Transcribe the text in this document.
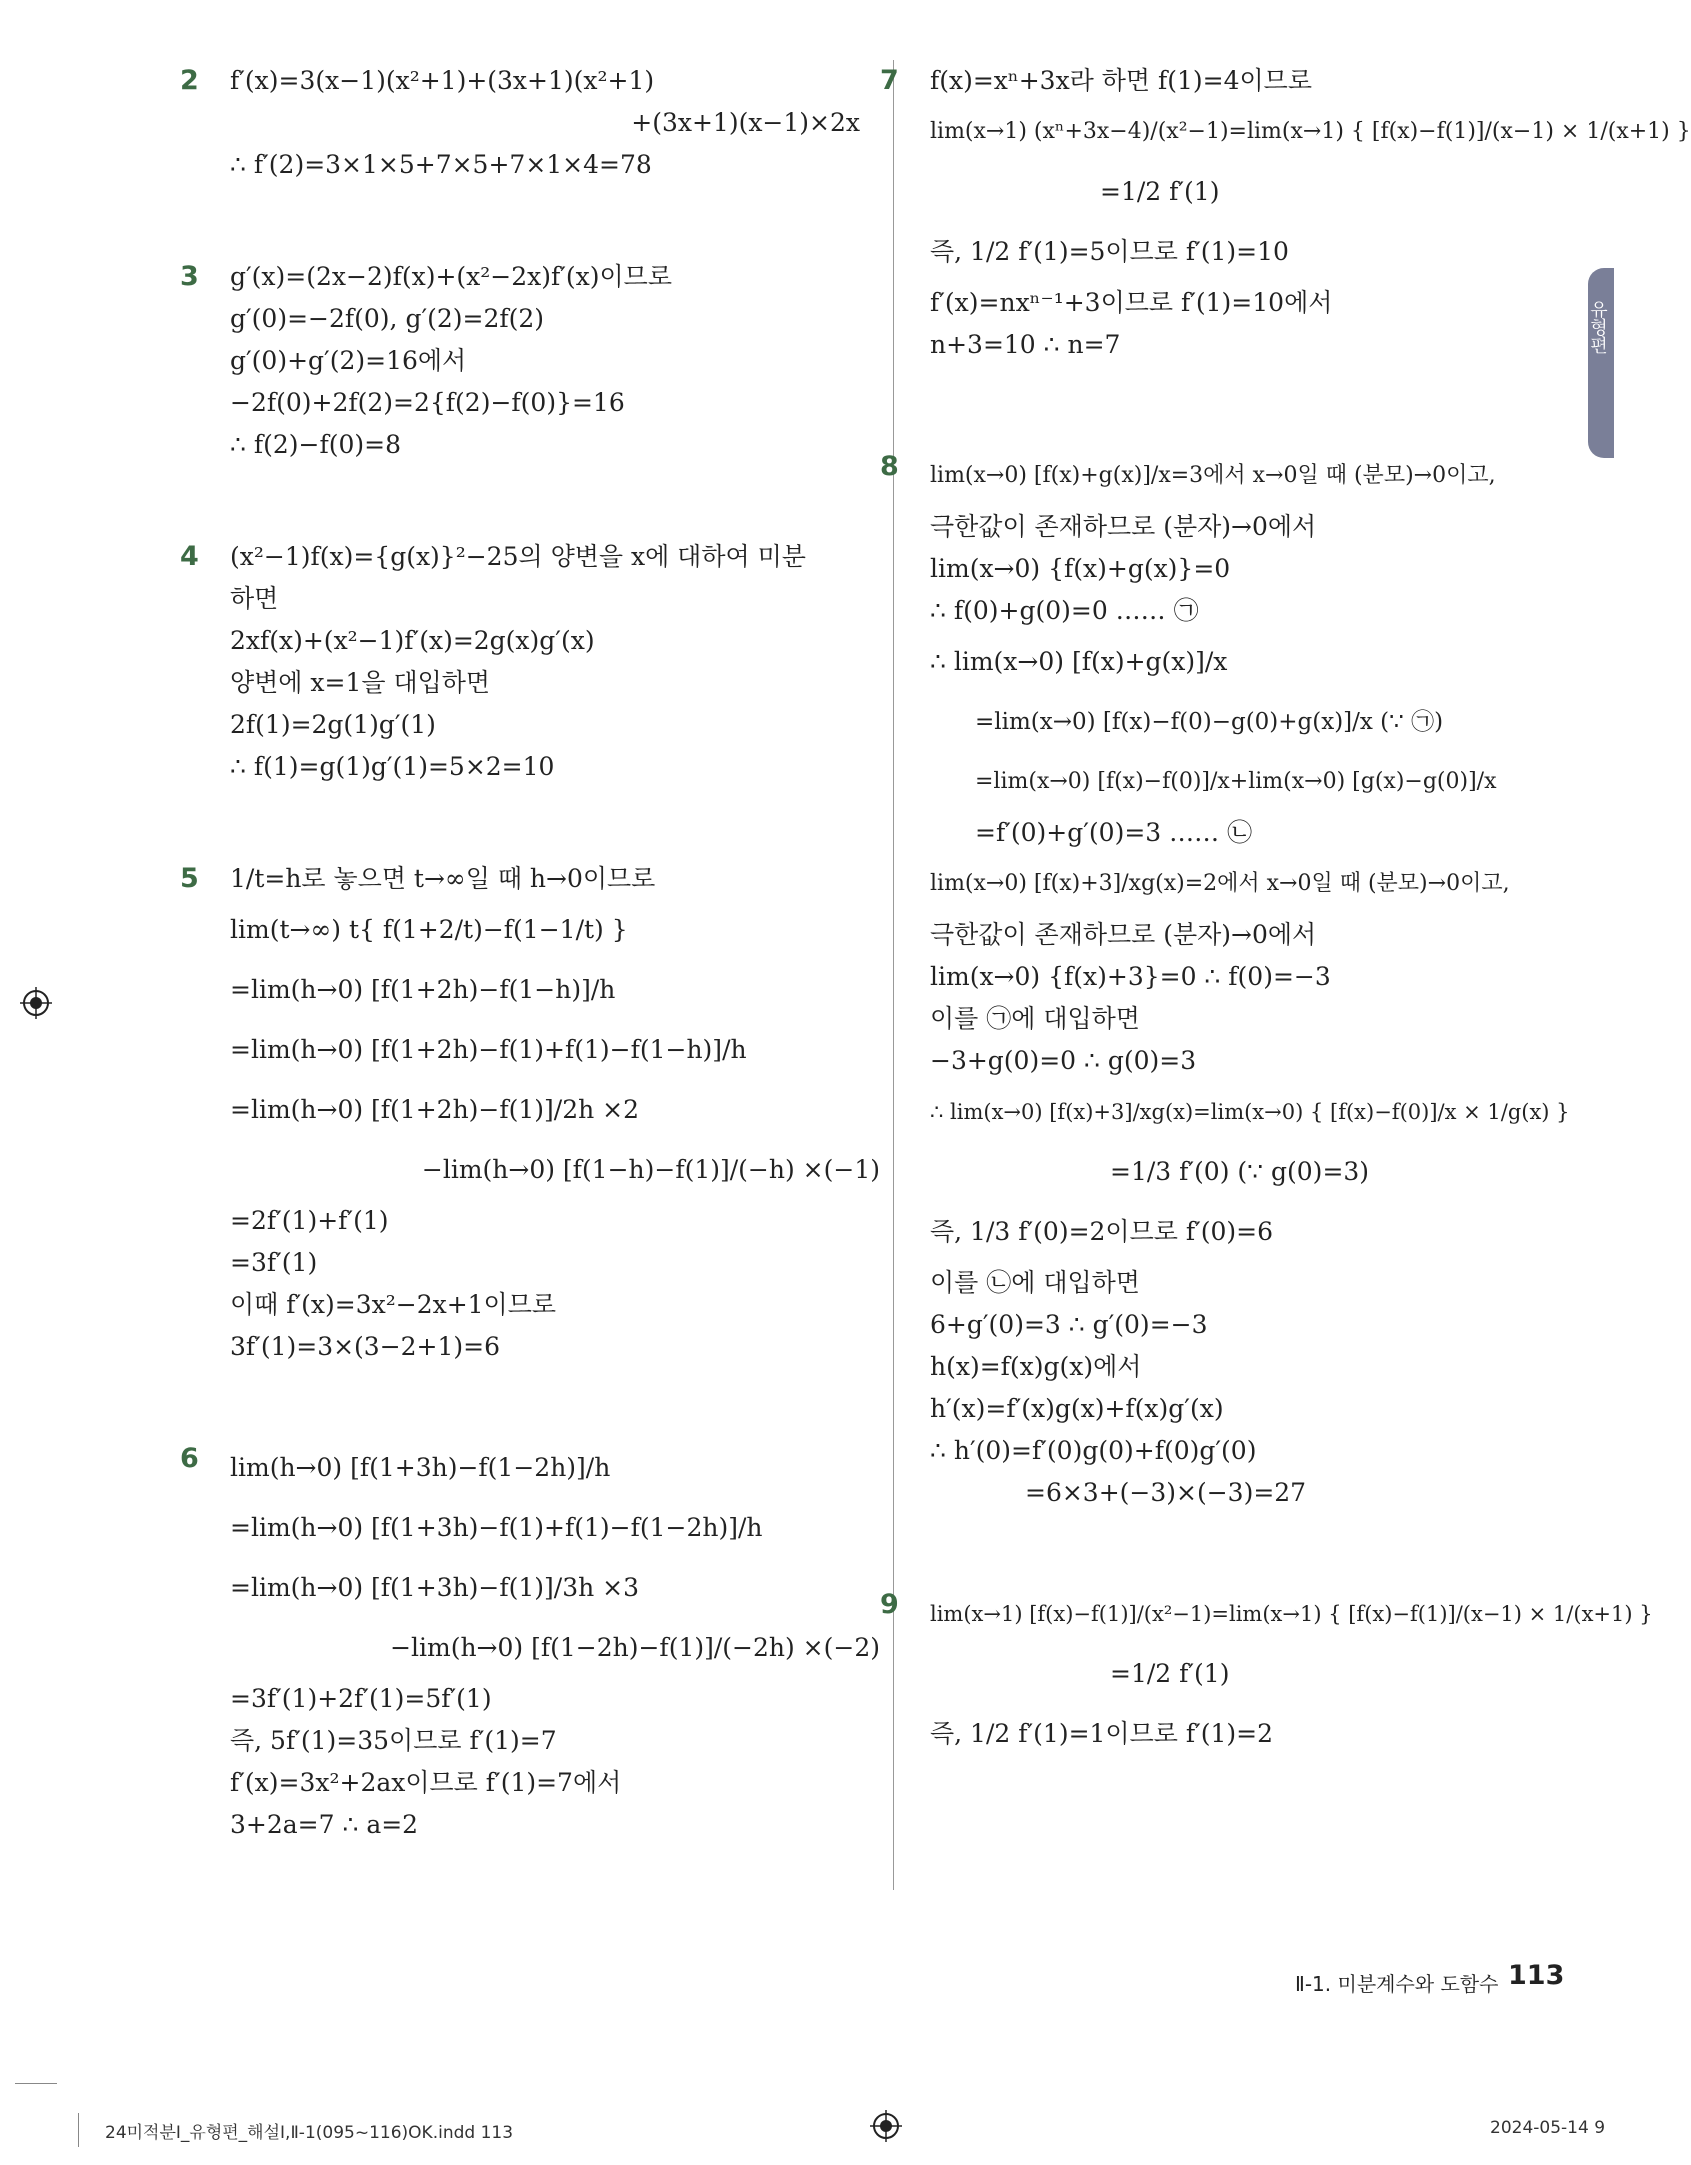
2	f′(x)=3(x−1)(x²+1)+(3x+1)(x²+1)
+(3x+1)(x−1)×2x
∴ f′(2)=3×1×5+7×5+7×1×4=78
3	g′(x)=(2x−2)f(x)+(x²−2x)f′(x)이므로
g′(0)=−2f(0), g′(2)=2f(2)
g′(0)+g′(2)=16에서
−2f(0)+2f(2)=2{f(2)−f(0)}=16
∴ f(2)−f(0)=8
4	(x²−1)f(x)={g(x)}²−25의 양변을 x에 대하여 미분
하면
2xf(x)+(x²−1)f′(x)=2g(x)g′(x)
양변에 x=1을 대입하면
2f(1)=2g(1)g′(1)
∴ f(1)=g(1)g′(1)=5×2=10
5	1/t=h로 놓으면 t→∞일 때 h→0이므로
lim(t→∞) t{ f(1+2/t)−f(1−1/t) }
=lim(h→0) [f(1+2h)−f(1−h)]/h
=lim(h→0) [f(1+2h)−f(1)+f(1)−f(1−h)]/h
=lim(h→0) [f(1+2h)−f(1)]/2h ×2
−lim(h→0) [f(1−h)−f(1)]/(−h) ×(−1)
=2f′(1)+f′(1)
=3f′(1)
이때 f′(x)=3x²−2x+1이므로
3f′(1)=3×(3−2+1)=6
6	lim(h→0) [f(1+3h)−f(1−2h)]/h
=lim(h→0) [f(1+3h)−f(1)+f(1)−f(1−2h)]/h
=lim(h→0) [f(1+3h)−f(1)]/3h ×3
−lim(h→0) [f(1−2h)−f(1)]/(−2h) ×(−2)
=3f′(1)+2f′(1)=5f′(1)
즉, 5f′(1)=35이므로 f′(1)=7
f′(x)=3x²+2ax이므로 f′(1)=7에서
3+2a=7 ∴ a=2
7	f(x)=xⁿ+3x라 하면 f(1)=4이므로
lim(x→1) (xⁿ+3x−4)/(x²−1)=lim(x→1) { [f(x)−f(1)]/(x−1) × 1/(x+1) }
=1/2 f′(1)
즉, 1/2 f′(1)=5이므로 f′(1)=10
f′(x)=nxⁿ⁻¹+3이므로 f′(1)=10에서
n+3=10 ∴ n=7
8	lim(x→0) [f(x)+g(x)]/x=3에서 x→0일 때 (분모)→0이고,
극한값이 존재하므로 (분자)→0에서
lim(x→0) {f(x)+g(x)}=0
∴ f(0)+g(0)=0 …… ㉠
∴ lim(x→0) [f(x)+g(x)]/x
=lim(x→0) [f(x)−f(0)−g(0)+g(x)]/x (∵ ㉠)
=lim(x→0) [f(x)−f(0)]/x+lim(x→0) [g(x)−g(0)]/x
=f′(0)+g′(0)=3 …… ㉡
lim(x→0) [f(x)+3]/xg(x)=2에서 x→0일 때 (분모)→0이고,
극한값이 존재하므로 (분자)→0에서
lim(x→0) {f(x)+3}=0 ∴ f(0)=−3
이를 ㉠에 대입하면
−3+g(0)=0 ∴ g(0)=3
∴ lim(x→0) [f(x)+3]/xg(x)=lim(x→0) { [f(x)−f(0)]/x × 1/g(x) }
=1/3 f′(0) (∵ g(0)=3)
즉, 1/3 f′(0)=2이므로 f′(0)=6
이를 ㉡에 대입하면
6+g′(0)=3 ∴ g′(0)=−3
h(x)=f(x)g(x)에서
h′(x)=f′(x)g(x)+f(x)g′(x)
∴ h′(0)=f′(0)g(0)+f(0)g′(0)
=6×3+(−3)×(−3)=27
9	lim(x→1) [f(x)−f(1)]/(x²−1)=lim(x→1) { [f(x)−f(1)]/(x−1) × 1/(x+1) }
=1/2 f′(1)
즉, 1/2 f′(1)=1이므로 f′(1)=2
유형편
Ⅱ-1. 미분계수와 도함수 113
24미적분Ⅰ_유형편_해설Ⅰ,Ⅱ-1(095~116)OK.indd 113	2024-05-14 9
